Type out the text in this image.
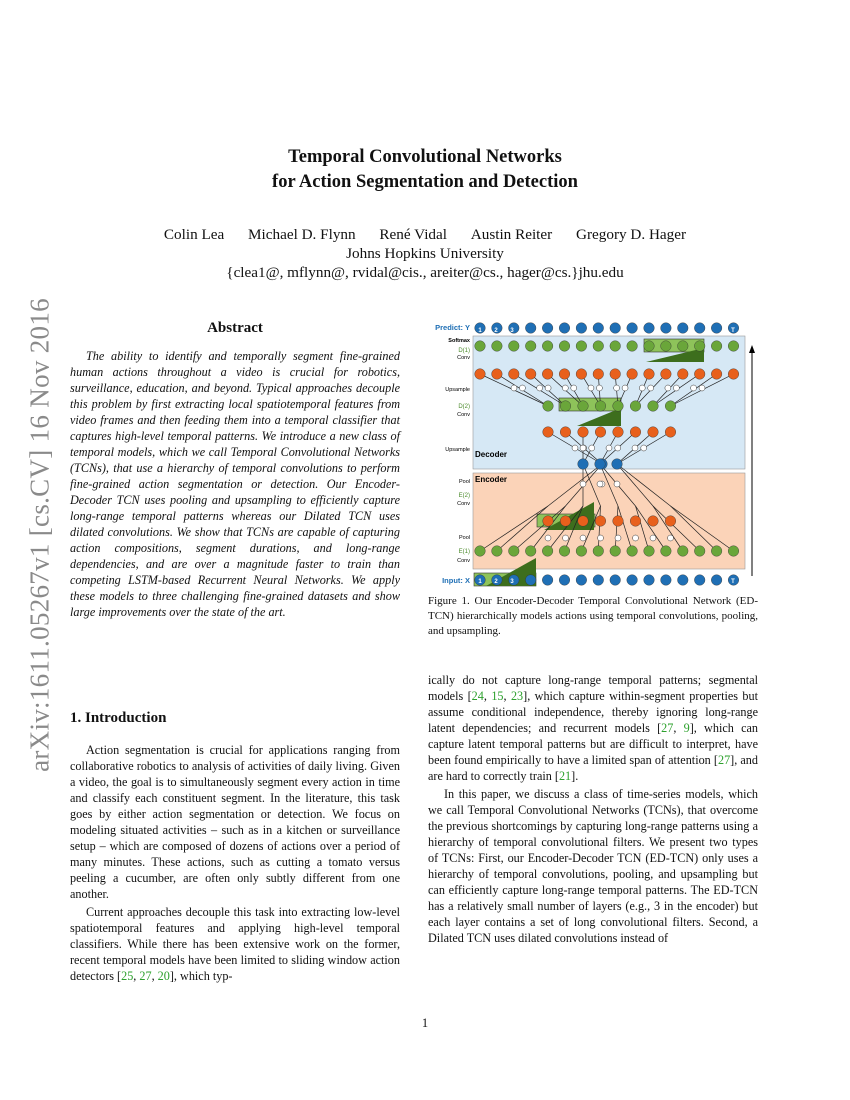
arXiv:1611.05267v1 [cs.CV] 16 Nov 2016
Temporal Convolutional Networks
for Action Segmentation and Detection
Colin Lea Michael D. Flynn René Vidal Austin Reiter Gregory D. Hager
Johns Hopkins University
{clea1@, mflynn@, rvidal@cis., areiter@cs., hager@cs.}jhu.edu
Abstract

The ability to identify and temporally segment fine-grained human actions throughout a video is crucial for robotics, surveillance, education, and beyond. Typical approaches decouple this problem by first extracting local spatiotemporal features from video frames and then feeding them into a temporal classifier that captures high-level temporal patterns. We introduce a new class of temporal models, which we call Temporal Convolutional Networks (TCNs), that use a hierarchy of temporal convolutions to perform fine-grained action segmentation or detection. Our Encoder-Decoder TCN uses pooling and upsampling to efficiently capture long-range temporal patterns whereas our Dilated TCN uses dilated convolutions. We show that TCNs are capable of capturing action compositions, segment durations, and long-range dependencies, and are over a magnitude faster to train than competing LSTM-based Recurrent Neural Networks. We apply these models to three challenging fine-grained datasets and show large improvements over the state of the art.

1. Introduction

Action segmentation is crucial for applications ranging from collaborative robotics to analysis of activities of daily living. Given a video, the goal is to simultaneously segment every action in time and classify each constituent segment. In the literature, this task goes by either action segmentation or detection. We focus on modeling situated activities – such as in a kitchen or surveillance setup – which are composed of dozens of actions over a period of many minutes. These actions, such as cutting a tomato versus peeling a cucumber, are often only subtly different from one another.

Current approaches decouple this task into extracting low-level spatiotemporal features and applying high-level temporal classifiers. While there has been extensive work on the former, recent temporal models have been limited to sliding window action detectors [25, 27, 20], which typ-

Predict: Y
Softmax
D(1)
Conv
Upsample
D(2)
Conv
Upsample Decoder
Pool Encoder
E(2)
Conv
Pool
E(1)
Conv
Input: X
1 2 3	T
1 2 3	T
Figure 1. Our Encoder-Decoder Temporal Convolutional Network (ED-TCN) hierarchically models actions using temporal convolutions, pooling, and upsampling.

ically do not capture long-range temporal patterns; segmental models [24, 15, 23], which capture within-segment properties but assume conditional independence, thereby ignoring long-range latent dependencies; and recurrent models [27, 9], which can capture latent temporal patterns but are difficult to interpret, have been found empirically to have a limited span of attention [27], and are hard to correctly train [21].

In this paper, we discuss a class of time-series models, which we call Temporal Convolutional Networks (TCNs), that overcome the previous shortcomings by capturing long-range patterns using a hierarchy of temporal convolutional filters. We present two types of TCNs: First, our Encoder-Decoder TCN (ED-TCN) only uses a hierarchy of temporal convolutions, pooling, and upsampling but can efficiently capture long-range temporal patterns. The ED-TCN has a relatively small number of layers (e.g., 3 in the encoder) but each layer contains a set of long convolutional filters. Second, a Dilated TCN uses dilated convolutions instead of

1
